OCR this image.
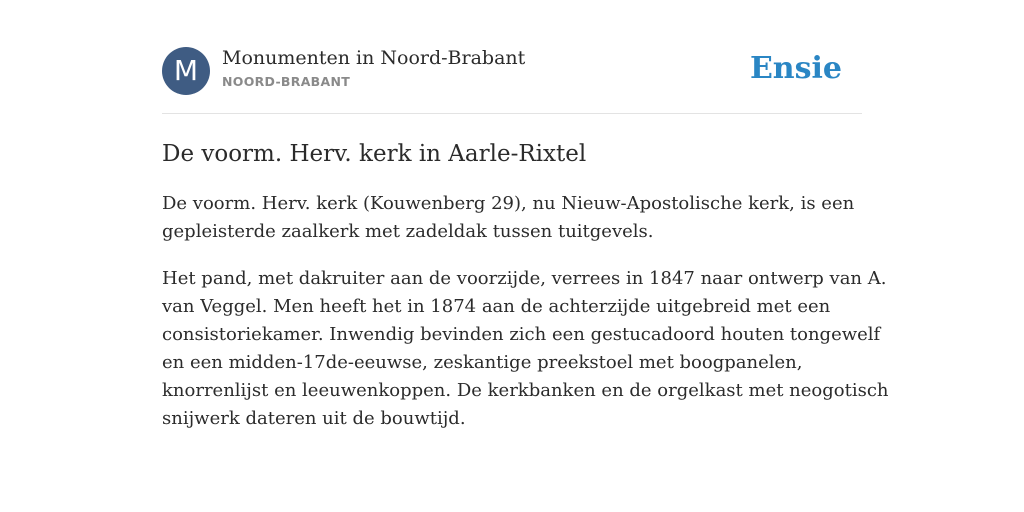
M	Monumenten in Noord-Brabant
NOORD-BRABANT	Ensie
De voorm. Herv. kerk in Aarle-Rixtel

De voorm. Herv. kerk (Kouwenberg 29), nu Nieuw-Apostolische kerk, is een
gepleisterde zaalkerk met zadeldak tussen tuitgevels.

Het pand, met dakruiter aan de voorzijde, verrees in 1847 naar ontwerp van A.
van Veggel. Men heeft het in 1874 aan de achterzijde uitgebreid met een
consistoriekamer. Inwendig bevinden zich een gestucadoord houten tongewelf
en een midden-17de-eeuwse, zeskantige preekstoel met boogpanelen,
knorrenlijst en leeuwenkoppen. De kerkbanken en de orgelkast met neogotisch
snijwerk dateren uit de bouwtijd.
